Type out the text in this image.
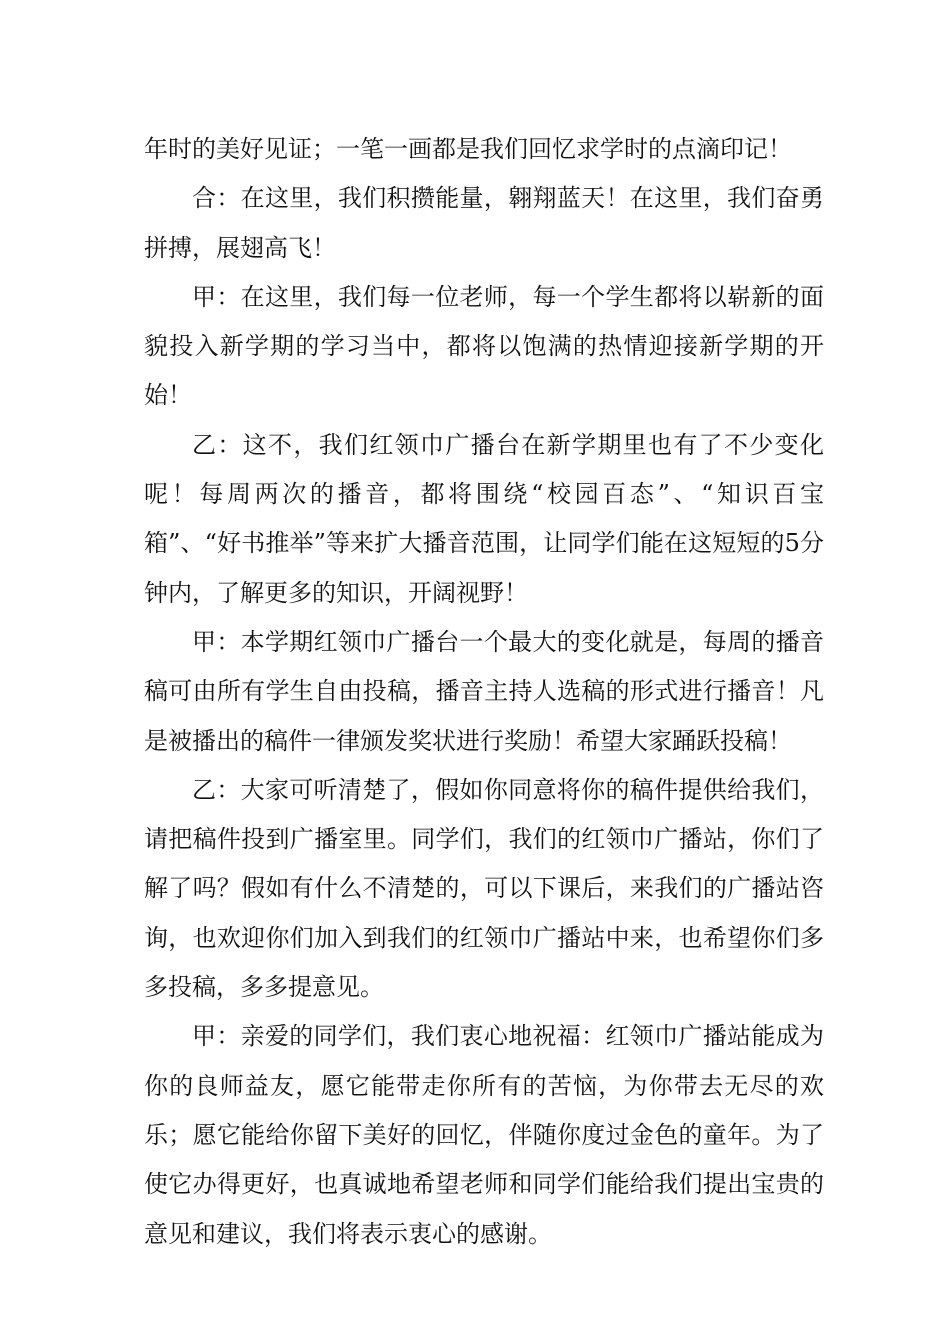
年时的美好见证；一笔一画都是我们回忆求学时的点滴印记！

合：在这里，我们积攒能量，翱翔蓝天！在这里，我们奋勇拼搏，展翅高飞！

甲：在这里，我们每一位老师，每一个学生都将以崭新的面貌投入新学期的学习当中，都将以饱满的热情迎接新学期的开始！

乙：这不，我们红领巾广播台在新学期里也有了不少变化呢！每周两次的播音，都将围绕“校园百态”、“知识百宝箱”、“好书推举”等来扩大播音范围，让同学们能在这短短的5分钟内，了解更多的知识，开阔视野！

甲：本学期红领巾广播台一个最大的变化就是，每周的播音稿可由所有学生自由投稿，播音主持人选稿的形式进行播音！凡是被播出的稿件一律颁发奖状进行奖励！希望大家踊跃投稿！

乙：大家可听清楚了，假如你同意将你的稿件提供给我们，请把稿件投到广播室里。同学们，我们的红领巾广播站，你们了解了吗？假如有什么不清楚的，可以下课后，来我们的广播站咨询，也欢迎你们加入到我们的红领巾广播站中来，也希望你们多多投稿，多多提意见。

甲：亲爱的同学们，我们衷心地祝福：红领巾广播站能成为你的良师益友，愿它能带走你所有的苦恼，为你带去无尽的欢乐；愿它能给你留下美好的回忆，伴随你度过金色的童年。为了使它办得更好，也真诚地希望老师和同学们能给我们提出宝贵的意见和建议，我们将表示衷心的感谢。
